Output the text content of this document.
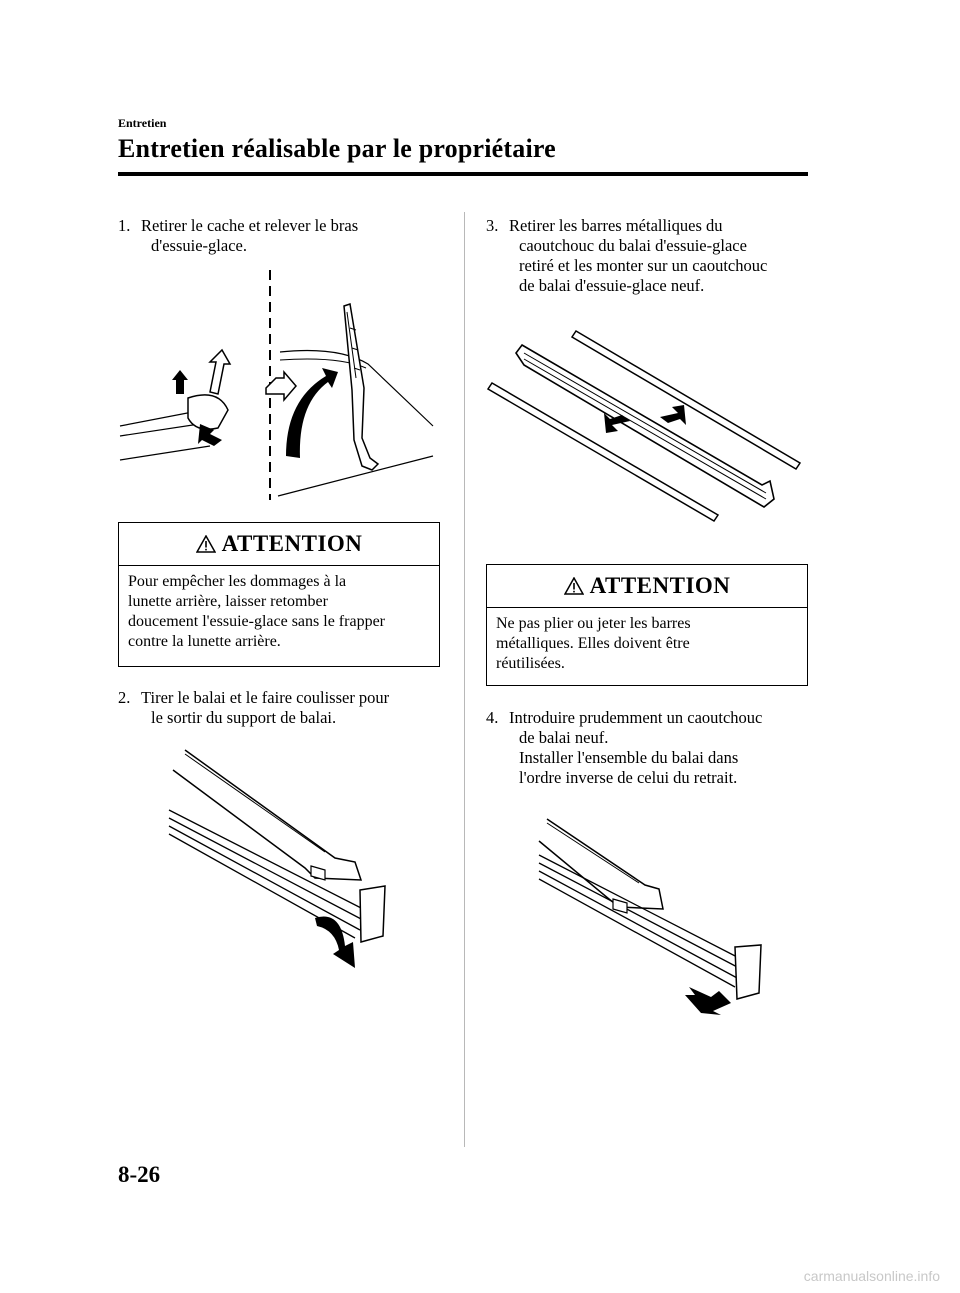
Entretien
Entretien réalisable par le propriétaire
1. Retirer le cache et relever le bras
d'essuie-glace.
ATTENTION
Pour empêcher les dommages à la
lunette arrière, laisser retomber
doucement l'essuie-glace sans le frapper
contre la lunette arrière.
2. Tirer le balai et le faire coulisser pour
le sortir du support de balai.
3. Retirer les barres métalliques du
caoutchouc du balai d'essuie-glace
retiré et les monter sur un caoutchouc
de balai d'essuie-glace neuf.
ATTENTION
Ne pas plier ou jeter les barres
métalliques. Elles doivent être
réutilisées.
4. Introduire prudemment un caoutchouc
de balai neuf.
Installer l'ensemble du balai dans
l'ordre inverse de celui du retrait.
8-26
carmanualsonline.info
